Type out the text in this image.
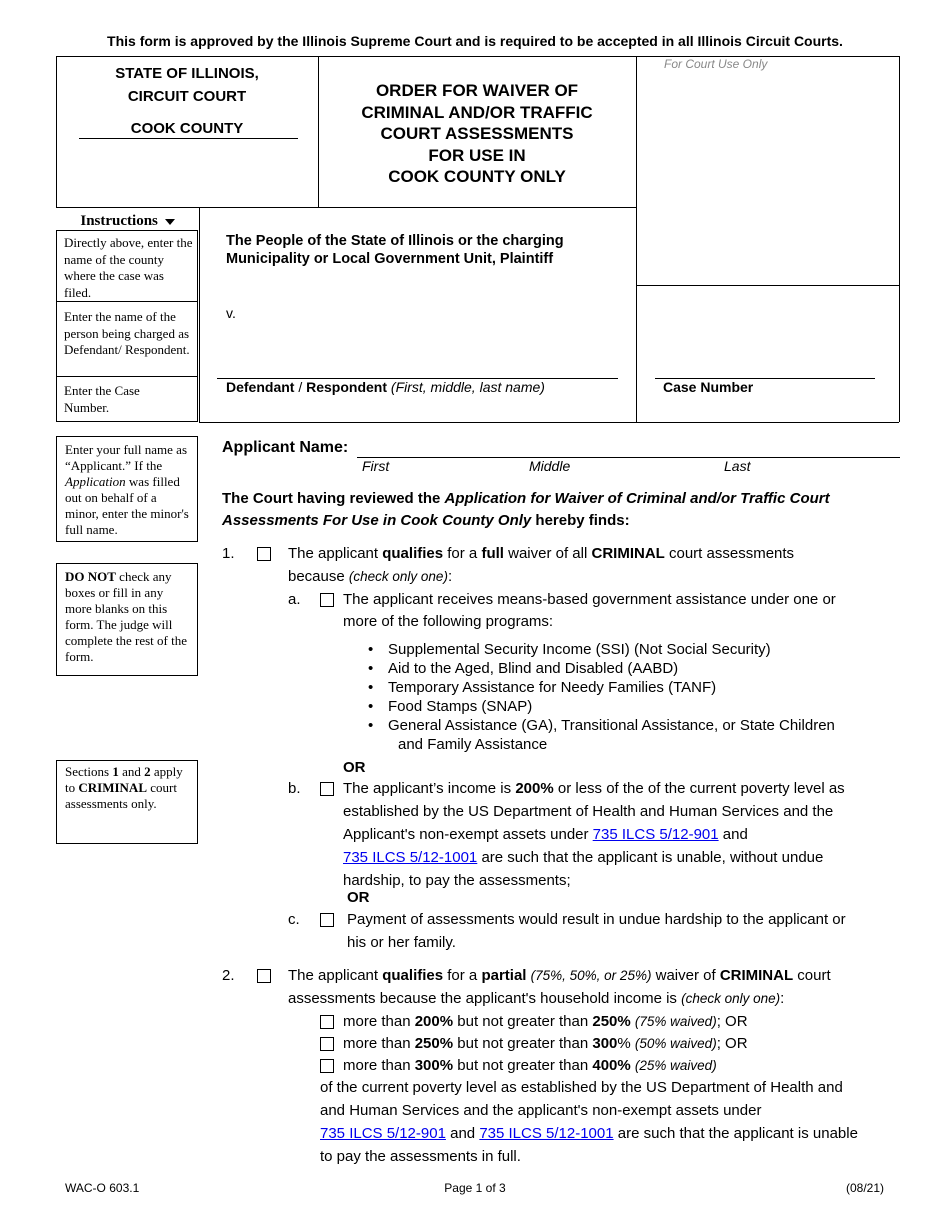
This form is approved by the Illinois Supreme Court and is required to be accepted in all Illinois Circuit Courts.
STATE OF ILLINOIS,
CIRCUIT COURT
COOK COUNTY
ORDER FOR WAIVER OF
CRIMINAL AND/OR TRAFFIC
COURT ASSESSMENTS
FOR USE IN
COOK COUNTY ONLY
For Court Use Only
Instructions
Directly above, enter the name of the county where the case was filed.
Enter the name of the person being charged as Defendant/ Respondent.
Enter the Case Number.
The People of the State of Illinois or the charging Municipality or Local Government Unit, Plaintiff
v.
Defendant / Respondent (First, middle, last name)	Case Number
Enter your full name as “Applicant.” If the Application was filled out on behalf of a minor, enter the minor's full name.
DO NOT check any boxes or fill in any more blanks on this form. The judge will complete the rest of the form.
Sections 1 and 2 apply to CRIMINAL court assessments only.
Applicant Name:
First	Middle	Last
The Court having reviewed the Application for Waiver of Criminal and/or Traffic Court Assessments For Use in Cook County Only hereby finds:
1.	The applicant qualifies for a full waiver of all CRIMINAL court assessments
because (check only one):
a.	The applicant receives means-based government assistance under one or
more of the following programs:
• Supplemental Security Income (SSI) (Not Social Security)
• Aid to the Aged, Blind and Disabled (AABD)
• Temporary Assistance for Needy Families (TANF)
• Food Stamps (SNAP)
• General Assistance (GA), Transitional Assistance, or State Children
and Family Assistance
OR
b.	The applicant’s income is 200% or less of the of the current poverty level as
established by the US Department of Health and Human Services and the
Applicant's non-exempt assets under 735 ILCS 5/12-901 and
735 ILCS 5/12-1001 are such that the applicant is unable, without undue
hardship, to pay the assessments;
OR
c.	Payment of assessments would result in undue hardship to the applicant or
his or her family.
2.	The applicant qualifies for a partial (75%, 50%, or 25%) waiver of CRIMINAL court
assessments because the applicant's household income is (check only one):
more than 200% but not greater than 250% (75% waived); OR
more than 250% but not greater than 300% (50% waived); OR
more than 300% but not greater than 400% (25% waived)
of the current poverty level as established by the US Department of Health and
and Human Services and the applicant's non-exempt assets under
735 ILCS 5/12-901 and 735 ILCS 5/12-1001 are such that the applicant is unable
to pay the assessments in full.
WAC-O 603.1	Page 1 of 3	(08/21)
